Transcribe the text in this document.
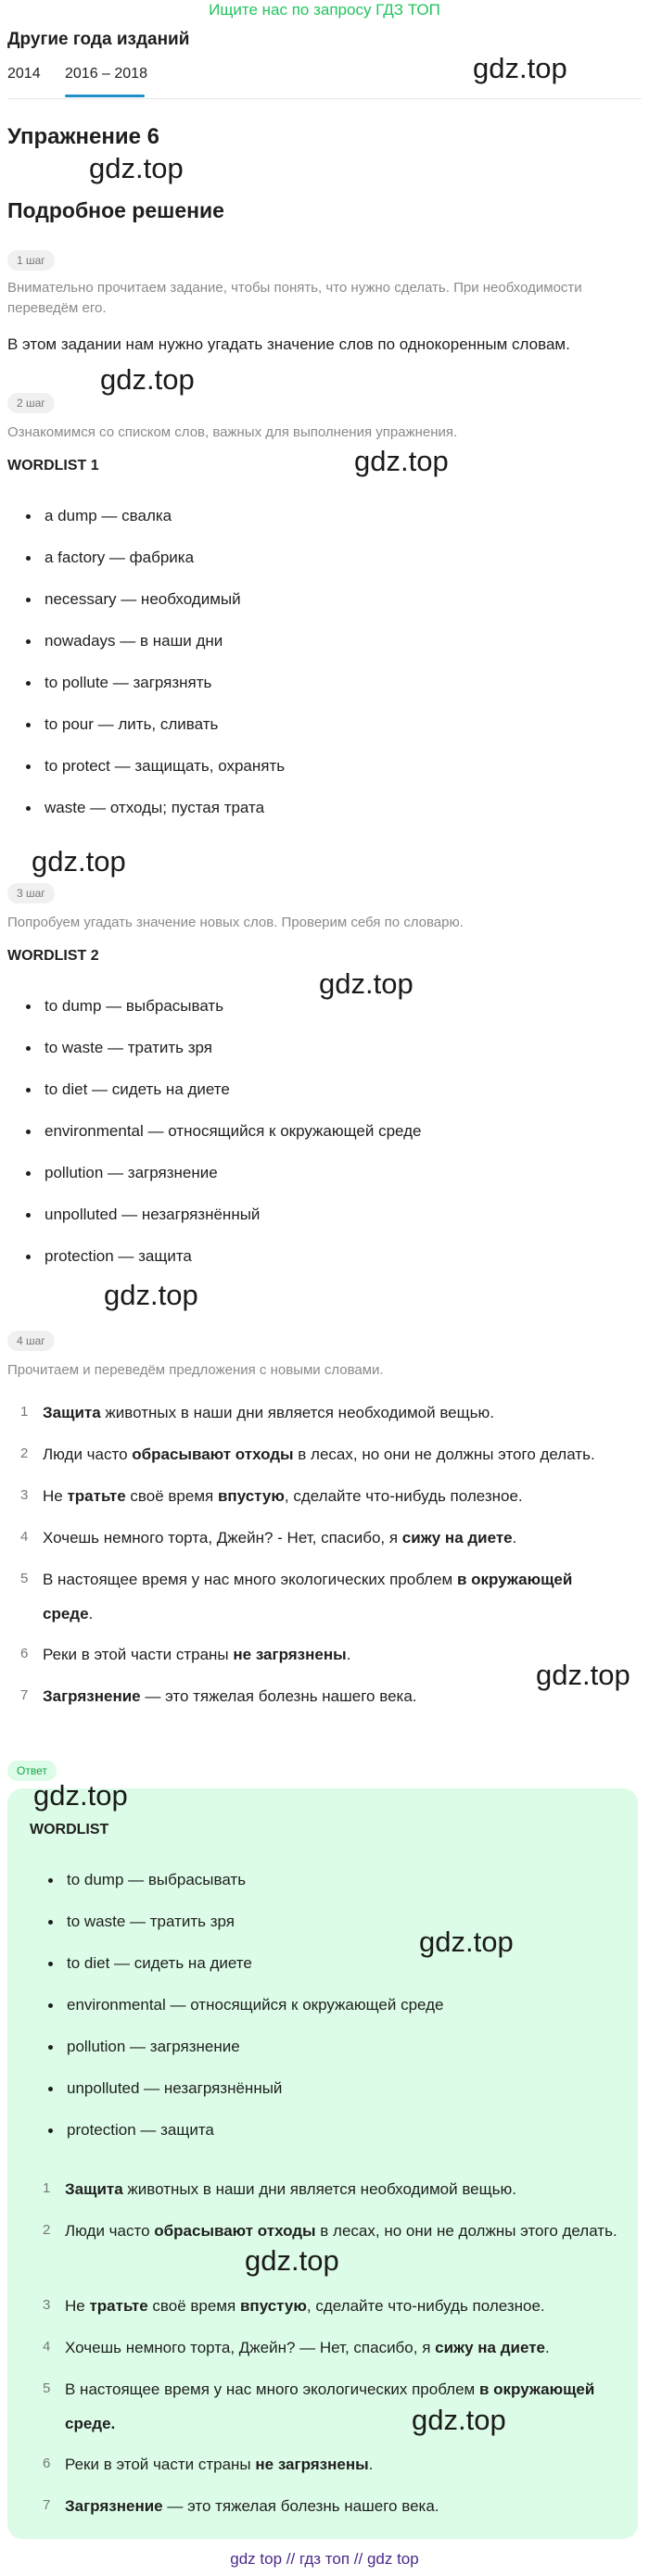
Ищите нас по запросу ГДЗ ТОП
Другие года изданий
2014 2016 – 2018	gdz.top
gdz.top
gdz.top
gdz.top
gdz.top
gdz.top
gdz.top
gdz.top
gdz.top
gdz.top
gdz.top
gdz.top
Упражнение 6
Подробное решение
1 шаг
Внимательно прочитаем задание, чтобы понять, что нужно сделать. При необходимости переведём его.
В этом задании нам нужно угадать значение слов по однокоренным словам.
2 шаг
Ознакомимся со списком слов, важных для выполнения упражнения.
WORDLIST 1
a dump — свалка
a factory — фабрика
necessary — необходимый
nowadays — в наши дни
to pollute — загрязнять
to pour — лить, сливать
to protect — защищать, охранять
waste — отходы; пустая трата
3 шаг
Попробуем угадать значение новых слов. Проверим себя по словарю.
WORDLIST 2
to dump — выбрасывать
to waste — тратить зря
to diet — сидеть на диете
environmental — относящийся к окружающей среде
pollution — загрязнение
unpolluted — незагрязнённый
protection — защита
4 шаг
Прочитаем и переведём предложения с новыми словами.
1 Защита животных в наши дни является необходимой вещью.
2 Люди часто обрасывают отходы в лесах, но они не должны этого делать.
3 Не тратьте своё время впустую, сделайте что-нибудь полезное.
4 Хочешь немного торта, Джейн? - Нет, спасибо, я сижу на диете.
5 В настоящее время у нас много экологических проблем в окружающей среде.
6 Реки в этой части страны не загрязнены.
7 Загрязнение — это тяжелая болезнь нашего века.
Ответ
WORDLIST
to dump — выбрасывать
to waste — тратить зря
to diet — сидеть на диете
environmental — относящийся к окружающей среде
pollution — загрязнение
unpolluted — незагрязнённый
protection — защита
1 Защита животных в наши дни является необходимой вещью.
2 Люди часто обрасывают отходы в лесах, но они не должны этого делать.
3 Не тратьте своё время впустую, сделайте что-нибудь полезное.
4 Хочешь немного торта, Джейн? — Нет, спасибо, я сижу на диете.
5 В настоящее время у нас много экологических проблем в окружающей среде.
6 Реки в этой части страны не загрязнены.
7 Загрязнение — это тяжелая болезнь нашего века.
gdz top // гдз топ // gdz top
